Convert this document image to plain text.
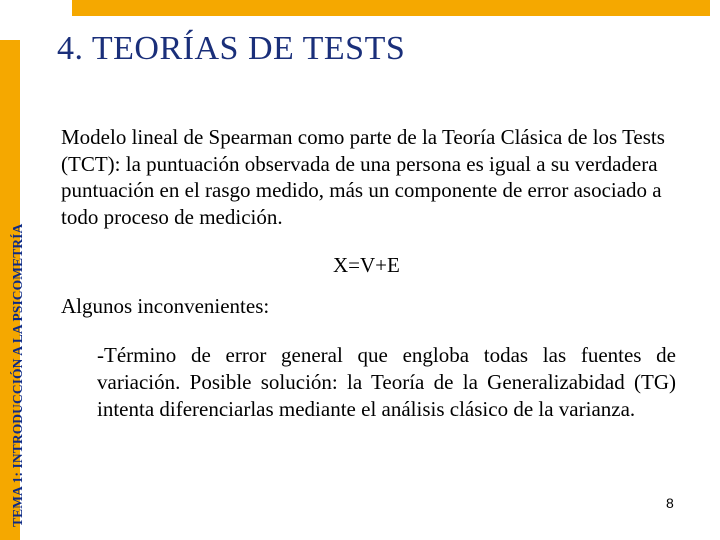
TEMA 1: INTRODUCCIÓN A LA PSICOMETRÍA
4. TEORÍAS DE TESTS
Modelo lineal de Spearman como parte de la Teoría Clásica de los Tests (TCT): la puntuación observada de una persona es igual a su verdadera puntuación en el rasgo medido, más un componente de error asociado a todo proceso de medición.
X=V+E
Algunos inconvenientes:
-Término de error general que engloba todas las fuentes de variación. Posible solución: la Teoría de la Generalizabidad (TG) intenta diferenciarlas mediante el análisis clásico de la varianza.
8
